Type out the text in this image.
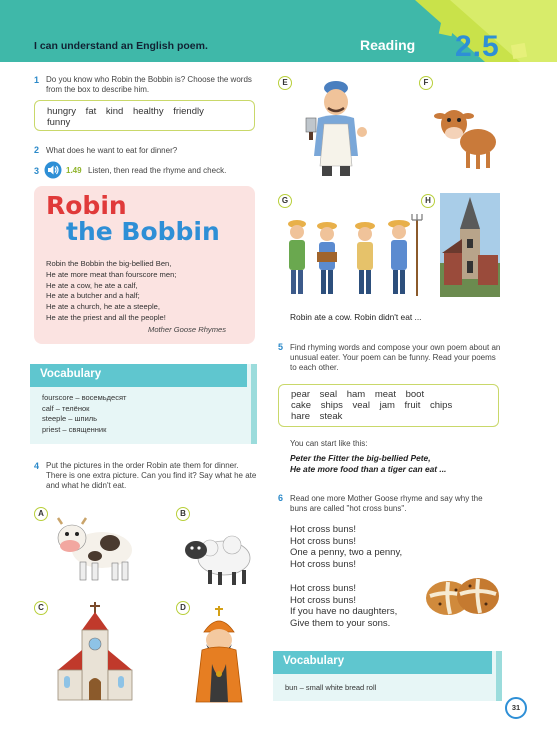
I can understand an English poem.	Reading 2.5
1 Do you know who Robin the Bobbin is? Choose the words from the box to describe him.
hungry fat kind healthy friendly
funny
2 What does he want to eat for dinner?
3	1.49 Listen, then read the rhyme and check.
Robin
the Bobbin
Robin the Bobbin the big-bellied Ben,
He ate more meat than fourscore men;
He ate a cow, he ate a calf,
He ate a butcher and a half;
He ate a church, he ate a steeple,
He ate the priest and all the people!
Mother Goose Rhymes
Vocabulary
fourscore – восемьдесят
calf – телёнок
steeple – шпиль
priest – священник
4 Put the pictures in the order Robin ate them for dinner. There is one extra picture. Can you find it? Say what he ate and what he didn't eat.
A	B
C	D
E	F
G	H
Robin ate a cow. Robin didn't eat ...
5 Find rhyming words and compose your own poem about an unusual eater. Your poem can be funny. Read your poems to each other.
pear seal ham meat boot
cake ships veal jam fruit chips
hare steak
You can start like this:
Peter the Fitter the big-bellied Pete,
He ate more food than a tiger can eat ...
6 Read one more Mother Goose rhyme and say why the buns are called "hot cross buns".
Hot cross buns!
Hot cross buns!
One a penny, two a penny,
Hot cross buns!
Hot cross buns!
Hot cross buns!
If you have no daughters,
Give them to your sons.
Vocabulary
bun – small white bread roll
31
